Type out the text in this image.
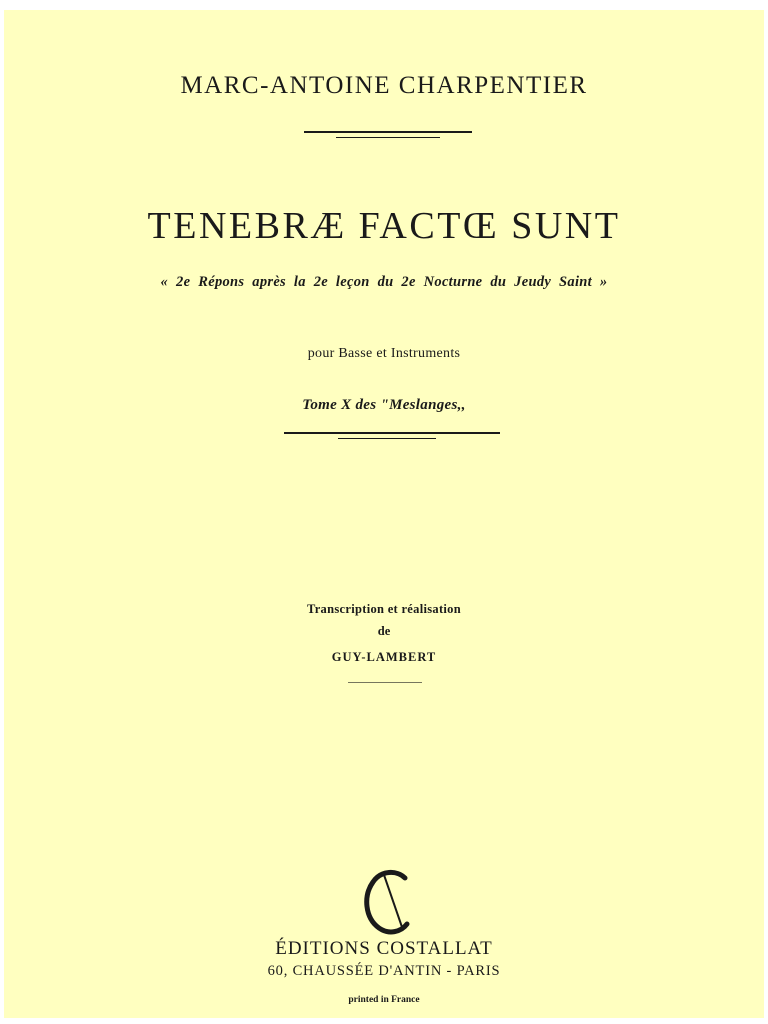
MARC-ANTOINE CHARPENTIER
TENEBRÆ FACTŒ SUNT
« 2e Répons après la 2e leçon du 2e Nocturne du Jeudy Saint »
pour Basse et Instruments
Tome X des "Meslanges,,
Transcription et réalisation
de
GUY-LAMBERT
ÉDITIONS COSTALLAT
60, CHAUSSÉE D'ANTIN - PARIS
printed in France
